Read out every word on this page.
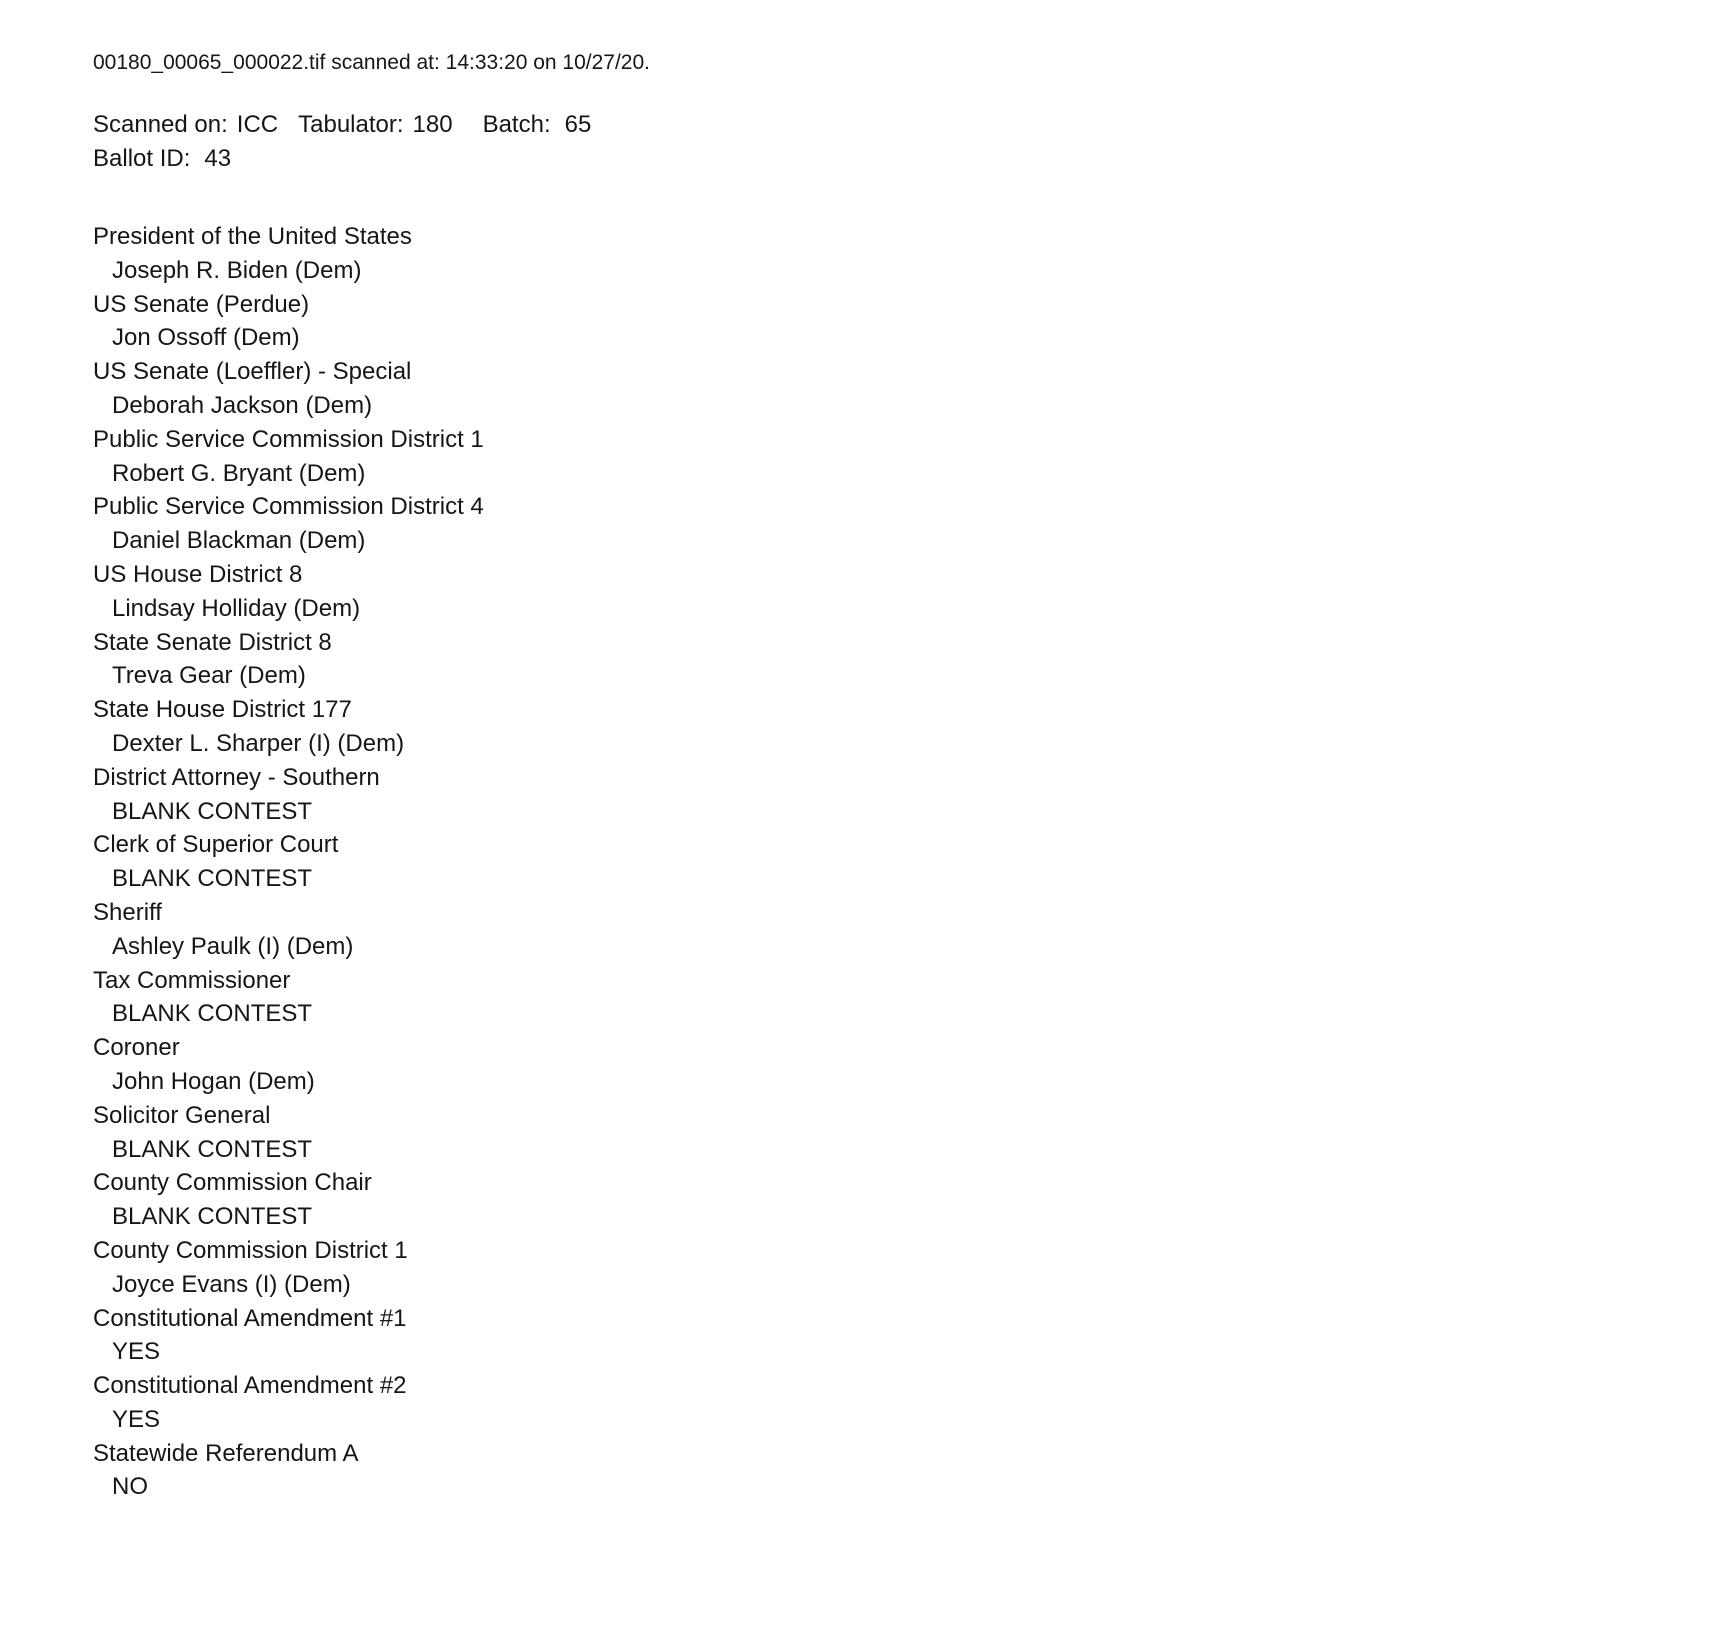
00180_00065_000022.tif scanned at: 14:33:20 on 10/27/20.
Scanned on: ICC Tabulator: 180 Batch: 65
Ballot ID: 43
President of the United States
Joseph R. Biden (Dem)
US Senate (Perdue)
Jon Ossoff (Dem)
US Senate (Loeffler) - Special
Deborah Jackson (Dem)
Public Service Commission District 1
Robert G. Bryant (Dem)
Public Service Commission District 4
Daniel Blackman (Dem)
US House District 8
Lindsay Holliday (Dem)
State Senate District 8
Treva Gear (Dem)
State House District 177
Dexter L. Sharper (I) (Dem)
District Attorney - Southern
BLANK CONTEST
Clerk of Superior Court
BLANK CONTEST
Sheriff
Ashley Paulk (I) (Dem)
Tax Commissioner
BLANK CONTEST
Coroner
John Hogan (Dem)
Solicitor General
BLANK CONTEST
County Commission Chair
BLANK CONTEST
County Commission District 1
Joyce Evans (I) (Dem)
Constitutional Amendment #1
YES
Constitutional Amendment #2
YES
Statewide Referendum A
NO
